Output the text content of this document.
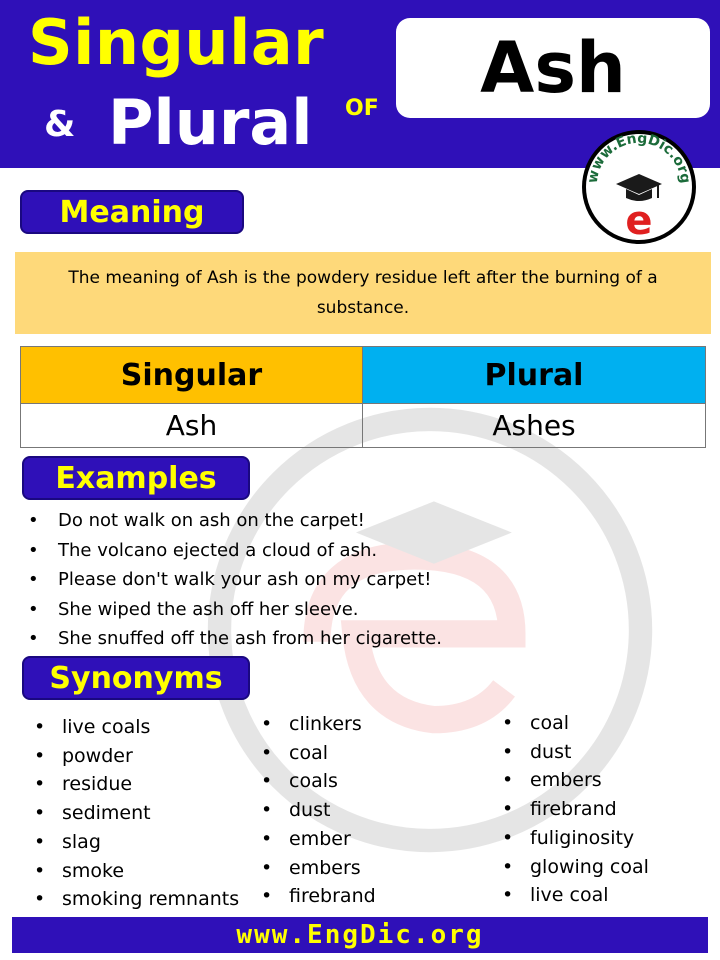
Singular
& Plural OF Ash
www.EngDic.org
e
Meaning
The meaning of Ash is the powdery residue left after the burning of a substance.
Singular	Plural
Ash	Ashes
Examples
• Do not walk on ash on the carpet!
• The volcano ejected a cloud of ash.
• Please don't walk your ash on my carpet!
• She wiped the ash off her sleeve.
• She snuffed off the ash from her cigarette.
Synonyms
• live coals
• powder
• residue
• sediment
• slag
• smoke
• smoking remnants
• clinkers
• coal
• coals
• dust
• ember
• embers
• firebrand
• coal
• dust
• embers
• firebrand
• fuliginosity
• glowing coal
• live coal
www.EngDic.org
